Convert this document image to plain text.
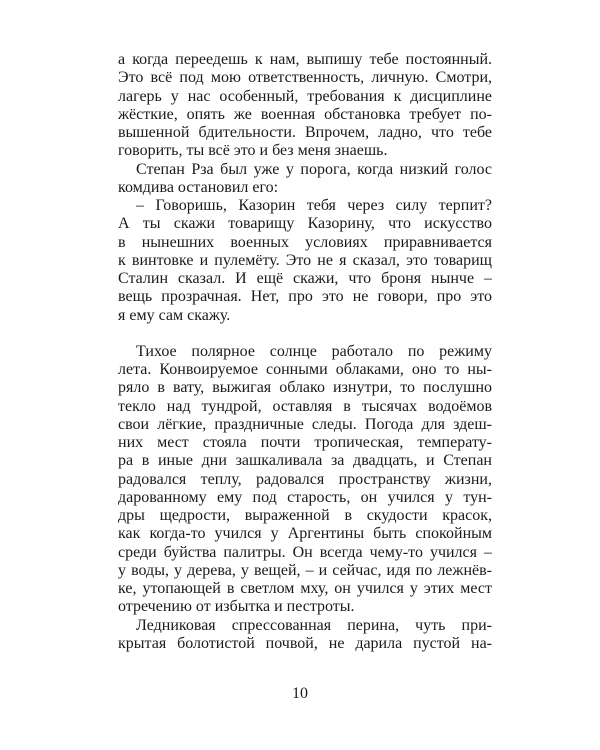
а когда переедешь к нам, выпишу тебе постоянный.
Это всё под мою ответственность, личную. Смотри,
лагерь у нас особенный, требования к дисциплине
жёсткие, опять же военная обстановка требует по-
вышенной бдительности. Впрочем, ладно, что тебе
говорить, ты всё это и без меня знаешь.
Степан Рза был уже у порога, когда низкий голос
комдива остановил его:
– Говоришь, Казорин тебя через силу терпит?
А ты скажи товарищу Казорину, что искусство
в нынешних военных условиях приравнивается
к винтовке и пулемёту. Это не я сказал, это товарищ
Сталин сказал. И ещё скажи, что броня нынче –
вещь прозрачная. Нет, про это не говори, про это
я ему сам скажу.
Тихое полярное солнце работало по режиму
лета. Конвоируемое сонными облаками, оно то ны-
ряло в вату, выжигая облако изнутри, то послушно
текло над тундрой, оставляя в тысячах водоёмов
свои лёгкие, праздничные следы. Погода для здеш-
них мест стояла почти тропическая, температу-
ра в иные дни зашкаливала за двадцать, и Степан
радовался теплу, радовался пространству жизни,
дарованному ему под старость, он учился у тун-
дры щедрости, выраженной в скудости красок,
как когда-то учился у Аргентины быть спокойным
среди буйства палитры. Он всегда чему-то учился –
у воды, у дерева, у вещей, – и сейчас, идя по лежнёв-
ке, утопающей в светлом мху, он учился у этих мест
отречению от избытка и пестроты.
Ледниковая спрессованная перина, чуть при-
крытая болотистой почвой, не дарила пустой на-
10
